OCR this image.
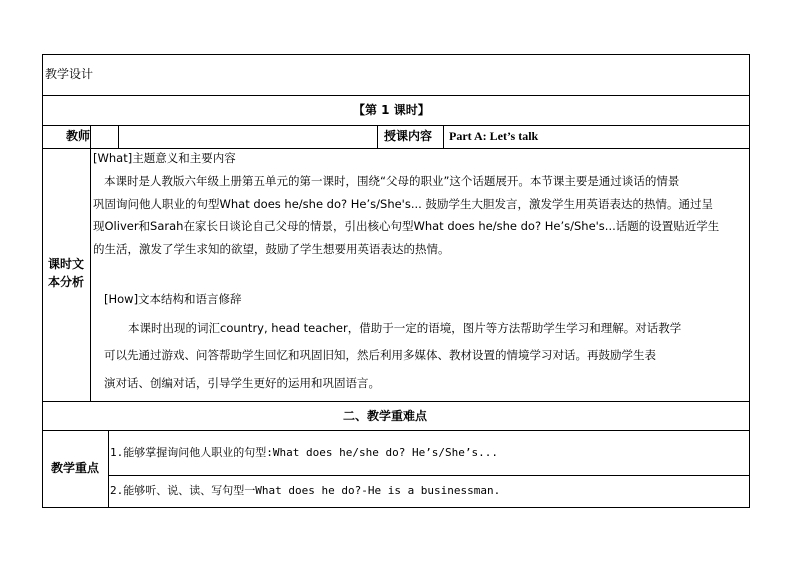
教学设计
【第 1 课时】
教师	授课内容 Part A: Let’s talk
课时文
本分析
[What]主题意义和主要内容
本课时是人教版六年级上册第五单元的第一课时，围绕“父母的职业”这个话题展开。本节课主要是通过谈话的情景
巩固询问他人职业的句型What does he/she do? He’s/She's... 鼓励学生大胆发言，激发学生用英语表达的热情。通过呈
现Oliver和Sarah在家长日谈论自己父母的情景，引出核心句型What does he/she do? He’s/She's...话题的设置贴近学生
的生活，激发了学生求知的欲望，鼓励了学生想要用英语表达的热情。
[How]文本结构和语言修辞
本课时出现的词汇country, head teacher，借助于一定的语境，图片等方法帮助学生学习和理解。对话教学
可以先通过游戏、问答帮助学生回忆和巩固旧知，然后利用多媒体、教材设置的情境学习对话。再鼓励学生表
演对话、创编对话，引导学生更好的运用和巩固语言。
二、教学重难点
教学重点
1.能够掌握询问他人职业的句型:What does he/she do? He’s/She’s...
2.能够听、说、读、写句型一What does he do?-He is a businessman.
